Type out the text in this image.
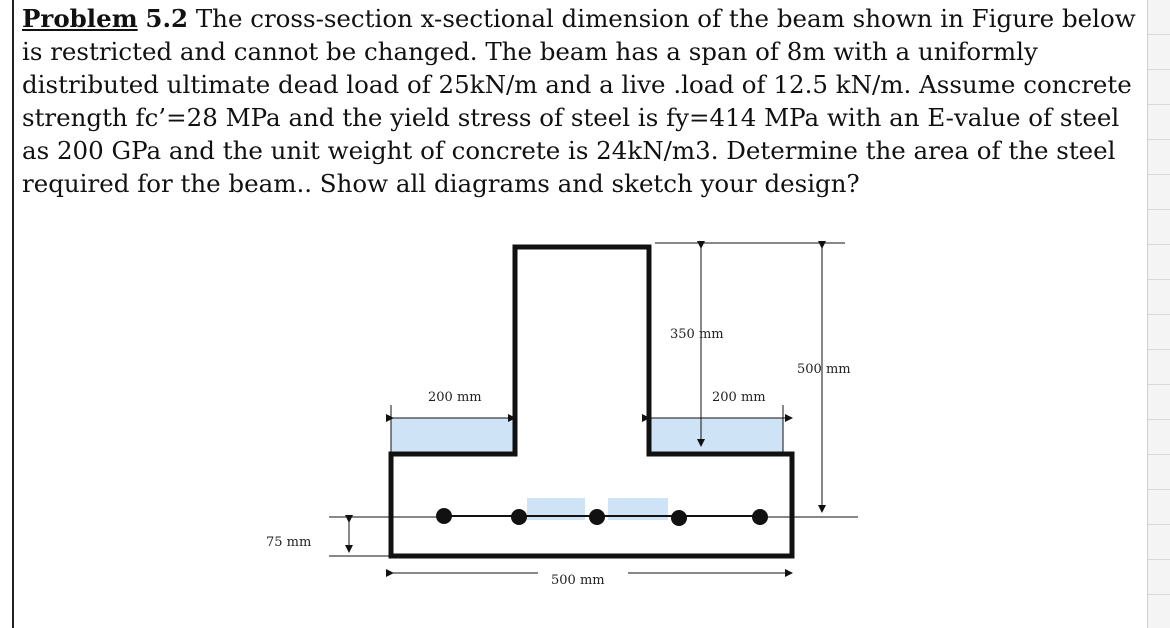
Problem 5.2 The cross-section x-sectional dimension of the beam shown in Figure below is restricted and cannot be changed. The beam has a span of 8m with a uniformly distributed ultimate dead load of 25kN/m and a live .load of 12.5 kN/m. Assume concrete strength fc’=28 MPa and the yield stress of steel is fy=414 MPa with an E-value of steel as 200 GPa and the unit weight of concrete is 24kN/m3. Determine the area of the steel required for the beam.. Show all diagrams and sketch your design?

350 mm
500 mm
200 mm	200 mm
75 mm
500 mm
